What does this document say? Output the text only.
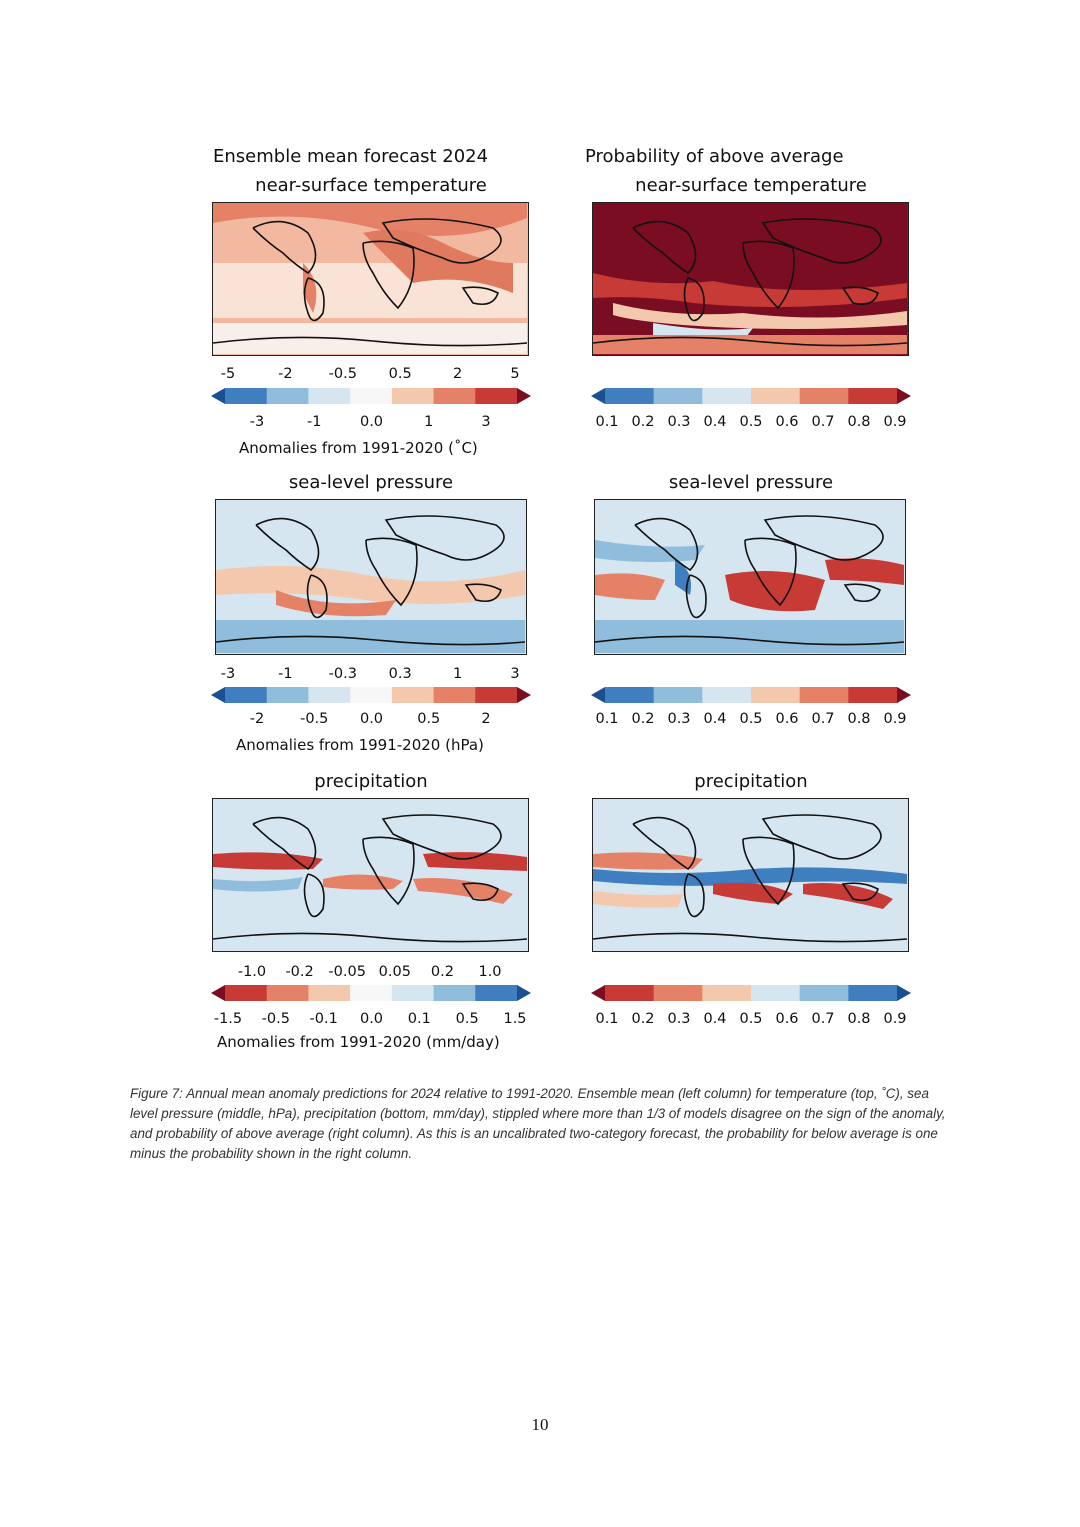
Ensemble mean forecast 2024	Probability of above average
near-surface temperature	near-surface temperature
sea-level pressure	sea-level pressure
precipitation	precipitation
-5	-2 -0.5 0.5	2	5
-3	-1	0.0	1	3
-3	-1 -0.3 0.3	1	3
-2 -0.5 0.0 0.5	2
-1.0 -0.2 -0.05 0.05 0.2 1.0
-1.5 -0.5 -0.1 0.0 0.1 0.5 1.5
0.1 0.2 0.3 0.4 0.5 0.6 0.7 0.8 0.9
0.1 0.2 0.3 0.4 0.5 0.6 0.7 0.8 0.9
0.1 0.2 0.3 0.4 0.5 0.6 0.7 0.8 0.9
Anomalies from 1991-2020 (˚C)
Anomalies from 1991-2020 (hPa)
Anomalies from 1991-2020 (mm/day)
Figure 7: Annual mean anomaly predictions for 2024 relative to 1991-2020. Ensemble mean (left column) for temperature (top, ˚C), sea level pressure (middle, hPa), precipitation (bottom, mm/day), stippled where more than 1/3 of models disagree on the sign of the anomaly, and probability of above average (right column). As this is an uncalibrated two-category forecast, the probability for below average is one minus the probability shown in the right column.
10
